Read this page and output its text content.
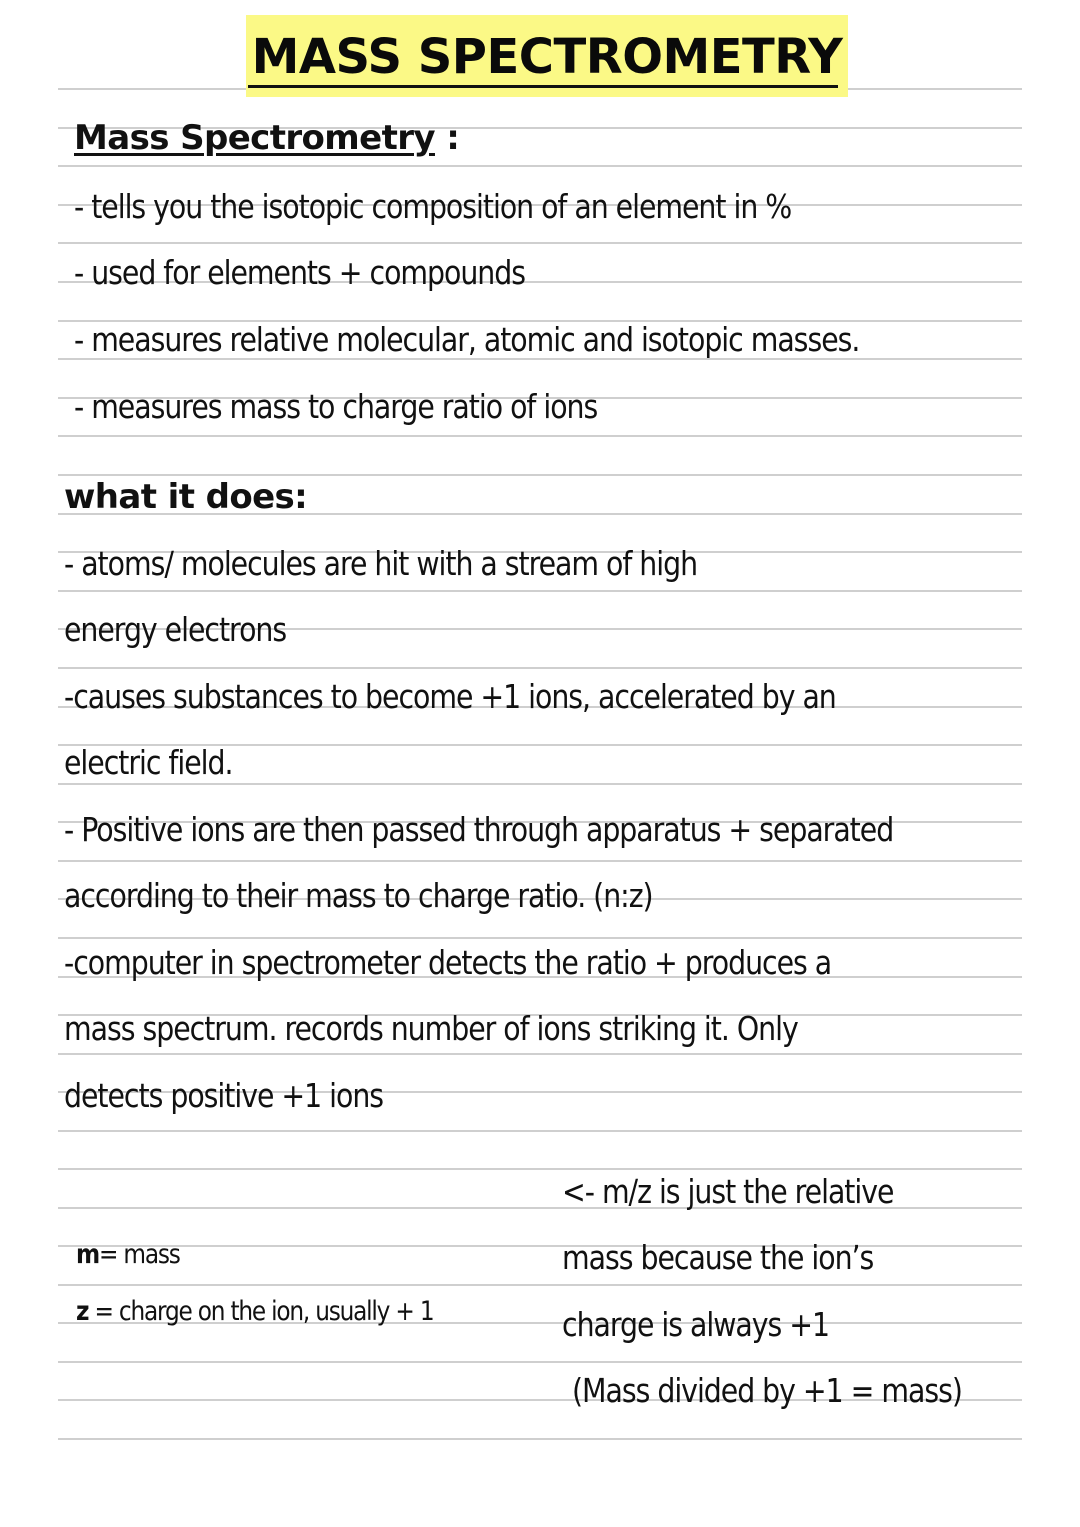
MASS SPECTROMETRY
Mass Spectrometry :
- tells you the isotopic composition of an element in %
- used for elements + compounds
- measures relative molecular, atomic and isotopic masses.
- measures mass to charge ratio of ions
what it does:
- atoms/ molecules are hit with a stream of high
energy electrons
-causes substances to become +1 ions, accelerated by an
electric field.
- Positive ions are then passed through apparatus + separated
according to their mass to charge ratio. (n:z)
-computer in spectrometer detects the ratio + produces a
mass spectrum. records number of ions striking it. Only
detects positive +1 ions
m= mass
z = charge on the ion, usually + 1
<- m/z is just the relative
mass because the ion’s
charge is always +1
(Mass divided by +1 = mass)
